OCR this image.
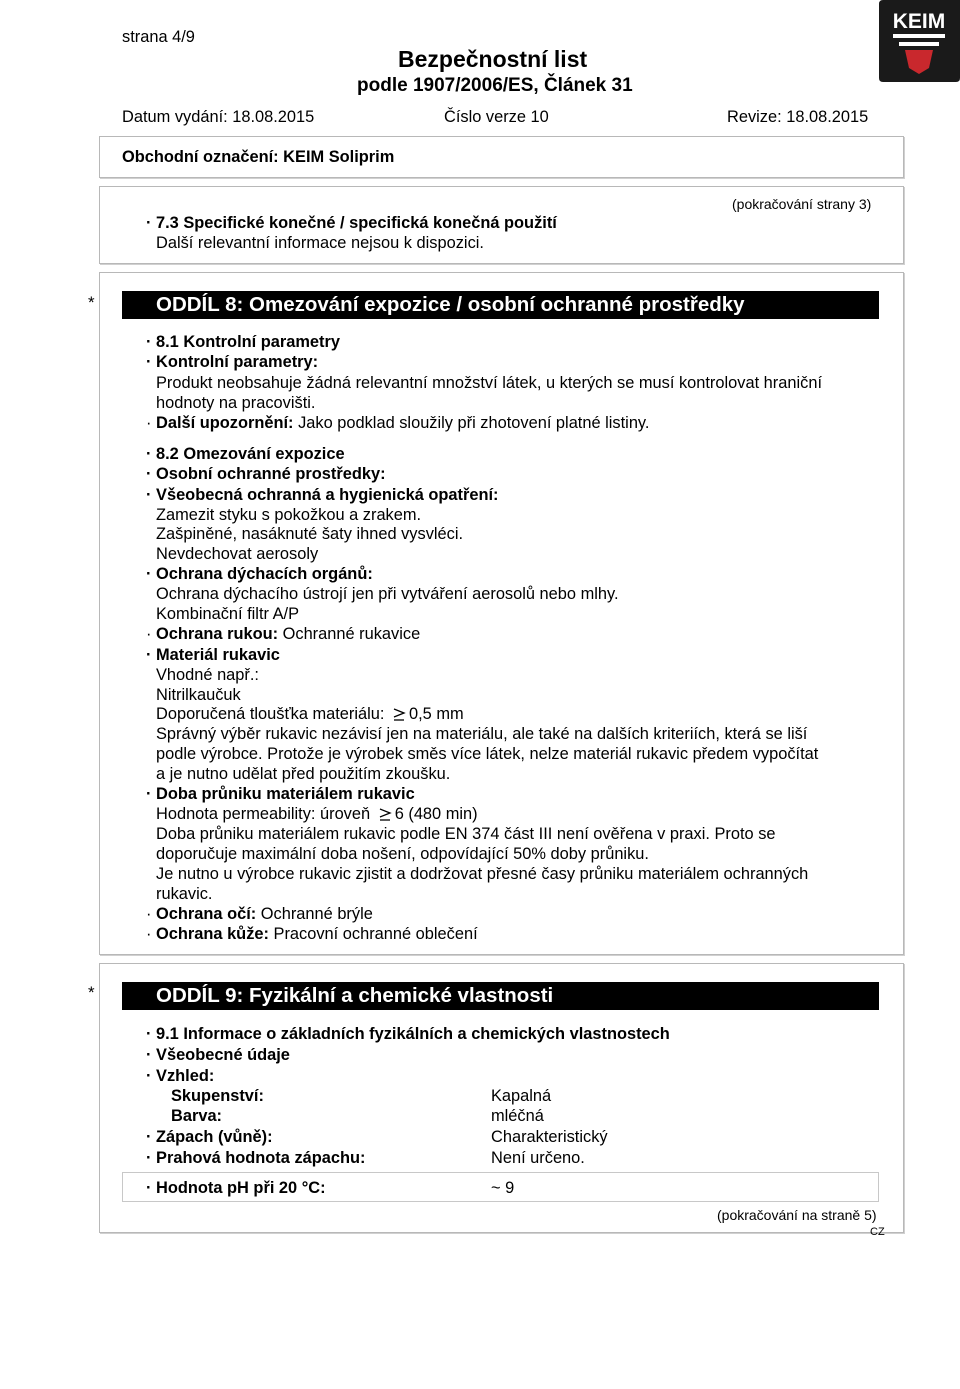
strana 4/9
Bezpečnostní list
podle 1907/2006/ES, Článek 31
Datum vydání: 18.08.2015	Číslo verze 10	Revize: 18.08.2015
KEIM
Obchodní označení: KEIM Soliprim
(pokračování strany 3)
· 7.3 Specifické konečné / specifická konečná použití
Další relevantní informace nejsou k dispozici.
*	ODDÍL 8: Omezování expozice / osobní ochranné prostředky
· 8.1 Kontrolní parametry
· Kontrolní parametry:
Produkt neobsahuje žádná relevantní množství látek, u kterých se musí kontrolovat hraniční
hodnoty na pracovišti.
· Další upozornění: Jako podklad sloužily při zhotovení platné listiny.
· 8.2 Omezování expozice
· Osobní ochranné prostředky:
· Všeobecná ochranná a hygienická opatření:
Zamezit styku s pokožkou a zrakem.
Zašpiněné, nasáknuté šaty ihned vysvléci.
Nevdechovat aerosoly
· Ochrana dýchacích orgánů:
Ochrana dýchacího ústrojí jen při vytváření aerosolů nebo mlhy.
Kombinační filtr A/P
· Ochrana rukou: Ochranné rukavice
· Materiál rukavic
Vhodné např.:
Nitrilkaučuk
Doporučená tloušťka materiálu: 0,5 mm
Správný výběr rukavic nezávisí jen na materiálu, ale také na dalších kriteriích, která se liší
podle výrobce. Protože je výrobek směs více látek, nelze materiál rukavic předem vypočítat
a je nutno udělat před použitím zkoušku.
· Doba průniku materiálem rukavic
Hodnota permeability: úroveň 6 (480 min)
Doba průniku materiálem rukavic podle EN 374 část III není ověřena v praxi. Proto se
doporučuje maximální doba nošení, odpovídající 50% doby průniku.
Je nutno u výrobce rukavic zjistit a dodržovat přesné časy průniku materiálem ochranných
rukavic.
· Ochrana očí: Ochranné brýle
· Ochrana kůže: Pracovní ochranné oblečení
*	ODDÍL 9: Fyzikální a chemické vlastnosti
· 9.1 Informace o základních fyzikálních a chemických vlastnostech
· Všeobecné údaje
· Vzhled:
Skupenství:	Kapalná
Barva:	mléčná
· Zápach (vůně):	Charakteristický
· Prahová hodnota zápachu:	Není určeno.
· Hodnota pH při 20 °C:	~ 9
(pokračování na straně 5)
CZ
